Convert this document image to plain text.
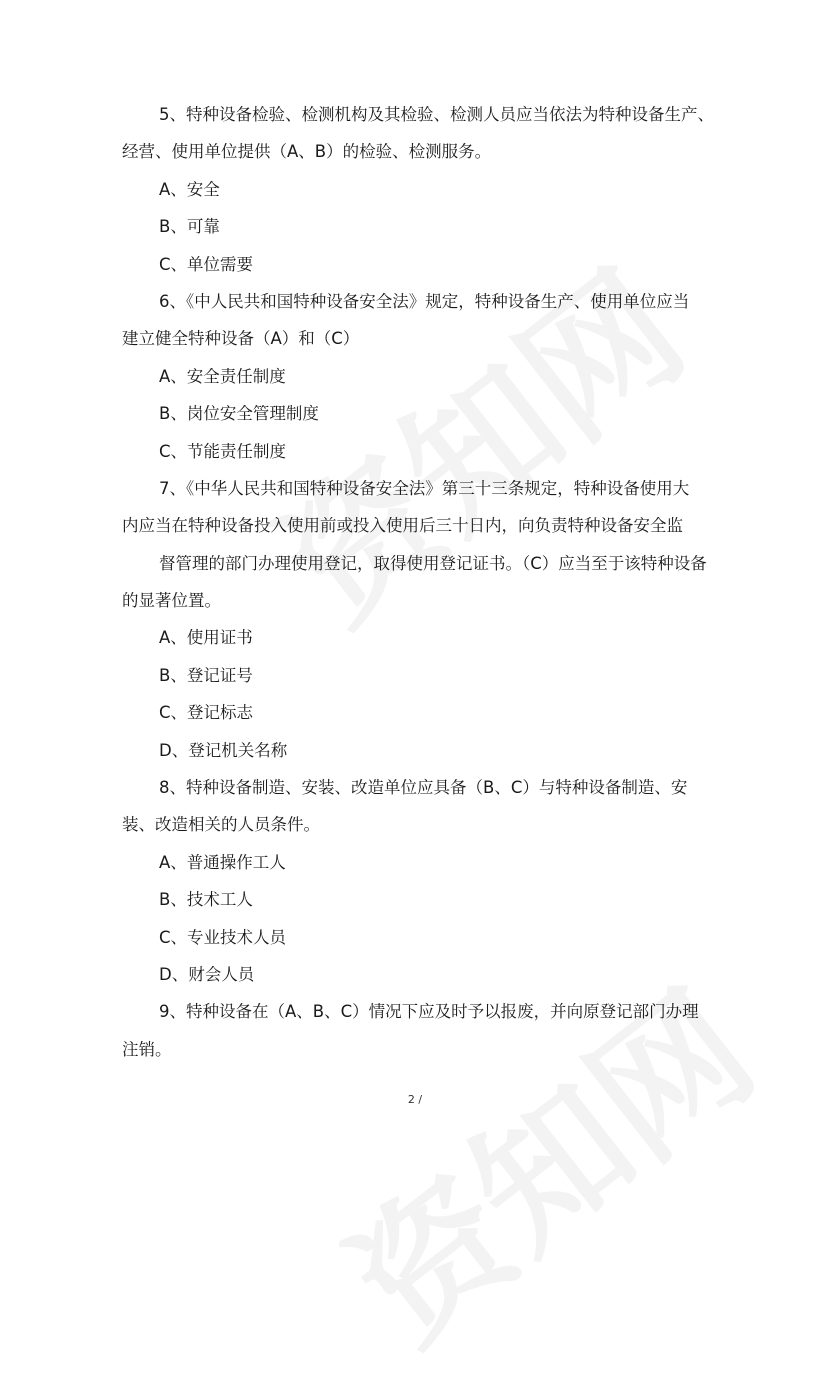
5、特种设备检验、检测机构及其检验、检测人员应当依法为特种设备生产、
经营、使用单位提供（A、B）的检验、检测服务。
A、安全
B、可靠
C、单位需要
6、《中人民共和国特种设备安全法》规定，特种设备生产、使用单位应当
建立健全特种设备（A）和（C）
A、安全责任制度
B、岗位安全管理制度
C、节能责任制度
7、《中华人民共和国特种设备安全法》第三十三条规定，特种设备使用大
内应当在特种设备投入使用前或投入使用后三十日内，向负责特种设备安全监
督管理的部门办理使用登记，取得使用登记证书。（C）应当至于该特种设备
的显著位置。
A、使用证书
B、登记证号
C、登记标志
D、登记机关名称
8、特种设备制造、安装、改造单位应具备（B、C）与特种设备制造、安
装、改造相关的人员条件。
A、普通操作工人
B、技术工人
C、专业技术人员
D、财会人员
9、特种设备在（A、B、C）情况下应及时予以报废，并向原登记部门办理
注销。
2 /
